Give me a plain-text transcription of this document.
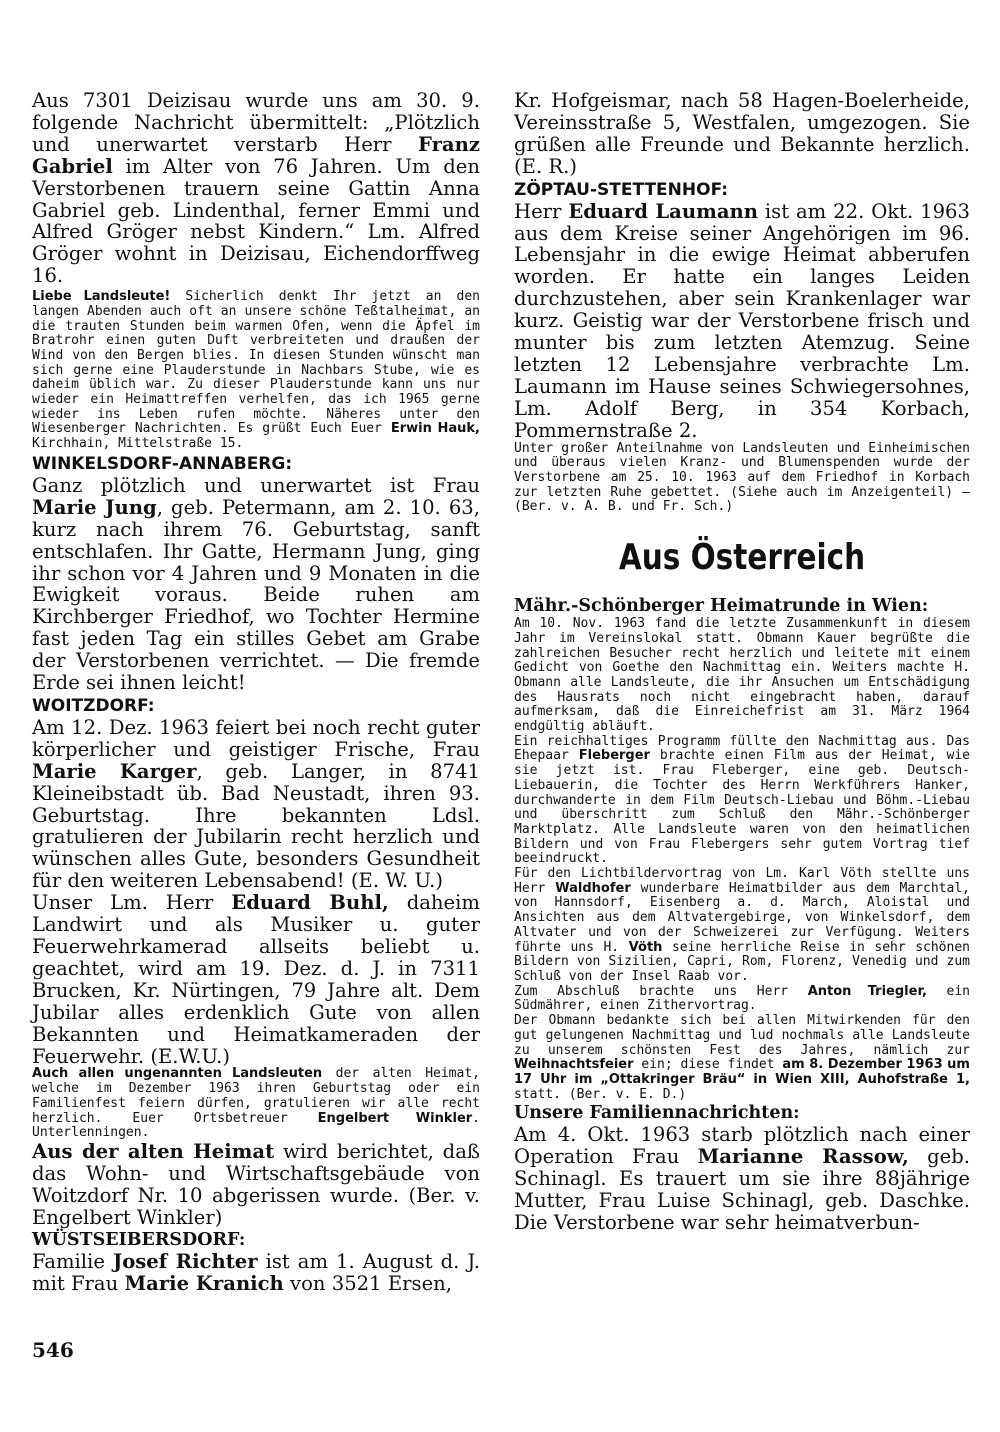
Aus 7301 Deizisau wurde uns am 30. 9. folgende Nachricht übermittelt: „Plötzlich und unerwartet verstarb Herr Franz Gabriel im Alter von 76 Jahren. Um den Verstorbenen trauern seine Gattin Anna Gabriel geb. Lindenthal, ferner Emmi und Alfred Gröger nebst Kindern.“ Lm. Alfred Gröger wohnt in Deizisau, Eichendorffweg 16.

Liebe Landsleute! Sicherlich denkt Ihr jetzt an den langen Abenden auch oft an unsere schöne Teßtalheimat, an die trauten Stunden beim warmen Ofen, wenn die Äpfel im Bratrohr einen guten Duft verbreiteten und draußen der Wind von den Bergen blies. In diesen Stunden wünscht man sich gerne eine Plauderstunde in Nachbars Stube, wie es daheim üblich war. Zu dieser Plauderstunde kann uns nur wieder ein Heimattreffen verhelfen, das ich 1965 gerne wieder ins Leben rufen möchte. Näheres unter den Wiesenberger Nachrichten. Es grüßt Euch Euer Erwin Hauk, Kirchhain, Mittelstraße 15.

WINKELSDORF-ANNABERG:

Ganz plötzlich und unerwartet ist Frau Marie Jung, geb. Petermann, am 2. 10. 63, kurz nach ihrem 76. Geburtstag, sanft entschlafen. Ihr Gatte, Hermann Jung, ging ihr schon vor 4 Jahren und 9 Monaten in die Ewigkeit voraus. Beide ruhen am Kirchberger Friedhof, wo Tochter Hermine fast jeden Tag ein stilles Gebet am Grabe der Verstorbenen verrichtet. — Die fremde Erde sei ihnen leicht!

WOITZDORF:

Am 12. Dez. 1963 feiert bei noch recht guter körperlicher und geistiger Frische, Frau Marie Karger, geb. Langer, in 8741 Kleineibstadt üb. Bad Neustadt, ihren 93. Geburtstag. Ihre bekannten Ldsl. gratulieren der Jubilarin recht herzlich und wünschen alles Gute, besonders Gesundheit für den weiteren Lebensabend! (E. W. U.)

Unser Lm. Herr Eduard Buhl, daheim Landwirt und als Musiker u. guter Feuerwehrkamerad allseits beliebt u. geachtet, wird am 19. Dez. d. J. in 7311 Brucken, Kr. Nürtingen, 79 Jahre alt. Dem Jubilar alles erdenklich Gute von allen Bekannten und Heimatkameraden der Feuerwehr. (E.W.U.)

Auch allen ungenannten Landsleuten der alten Heimat, welche im Dezember 1963 ihren Geburtstag oder ein Familienfest feiern dürfen, gratulieren wir alle recht herzlich. Euer Ortsbetreuer Engelbert Winkler. Unterlenningen.

Aus der alten Heimat wird berichtet, daß das Wohn- und Wirtschaftsgebäude von Woitzdorf Nr. 10 abgerissen wurde. (Ber. v. Engelbert Winkler)

WÜSTSEIBERSDORF:

Familie Josef Richter ist am 1. August d. J. mit Frau Marie Kranich von 3521 Ersen,

Kr. Hofgeismar, nach 58 Hagen-Boelerheide, Vereinsstraße 5, Westfalen, umgezogen. Sie grüßen alle Freunde und Bekannte herzlich. (E. R.)

ZÖPTAU-STETTENHOF:

Herr Eduard Laumann ist am 22. Okt. 1963 aus dem Kreise seiner Angehörigen im 96. Lebensjahr in die ewige Heimat abberufen worden. Er hatte ein langes Leiden durchzustehen, aber sein Krankenlager war kurz. Geistig war der Verstorbene frisch und munter bis zum letzten Atemzug. Seine letzten 12 Lebensjahre verbrachte Lm. Laumann im Hause seines Schwiegersohnes, Lm. Adolf Berg, in 354 Korbach, Pommernstraße 2.

Unter großer Anteilnahme von Landsleuten und Einheimischen und überaus vielen Kranz- und Blumenspenden wurde der Verstorbene am 25. 10. 1963 auf dem Friedhof in Korbach zur letzten Ruhe gebettet. (Siehe auch im Anzeigenteil) — (Ber. v. A. B. und Fr. Sch.)

Aus Österreich
Mähr.-Schönberger Heimatrunde in Wien:

Am 10. Nov. 1963 fand die letzte Zusammenkunft in diesem Jahr im Vereinslokal statt. Obmann Kauer begrüßte die zahlreichen Besucher recht herzlich und leitete mit einem Gedicht von Goethe den Nachmittag ein. Weiters machte H. Obmann alle Landsleute, die ihr Ansuchen um Entschädigung des Hausrats noch nicht eingebracht haben, darauf aufmerksam, daß die Einreichefrist am 31. März 1964 endgültig abläuft.

Ein reichhaltiges Programm füllte den Nachmittag aus. Das Ehepaar Fleberger brachte einen Film aus der Heimat, wie sie jetzt ist. Frau Fleberger, eine geb. Deutsch-Liebauerin, die Tochter des Herrn Werkführers Hanker, durchwanderte in dem Film Deutsch-Liebau und Böhm.-Liebau und überschritt zum Schluß den Mähr.-Schönberger Marktplatz. Alle Landsleute waren von den heimatlichen Bildern und von Frau Flebergers sehr gutem Vortrag tief beeindruckt.

Für den Lichtbildervortrag von Lm. Karl Vöth stellte uns Herr Waldhofer wunderbare Heimatbilder aus dem Marchtal, von Hannsdorf, Eisenberg a. d. March, Aloistal und Ansichten aus dem Altvatergebirge, von Winkelsdorf, dem Altvater und von der Schweizerei zur Verfügung. Weiters führte uns H. Vöth seine herrliche Reise in sehr schönen Bildern von Sizilien, Capri, Rom, Florenz, Venedig und zum Schluß von der Insel Raab vor.

Zum Abschluß brachte uns Herr Anton Triegler, ein Südmährer, einen Zithervortrag.

Der Obmann bedankte sich bei allen Mitwirkenden für den gut gelungenen Nachmittag und lud nochmals alle Landsleute zu unserem schönsten Fest des Jahres, nämlich zur Weihnachtsfeier ein; diese findet am 8. Dezember 1963 um 17 Uhr im „Ottakringer Bräu“ in Wien XIII, Auhofstraße 1, statt. (Ber. v. E. D.)

Unsere Familiennachrichten:

Am 4. Okt. 1963 starb plötzlich nach einer Operation Frau Marianne Rassow, geb. Schinagl. Es trauert um sie ihre 88jährige Mutter, Frau Luise Schinagl, geb. Daschke. Die Verstorbene war sehr heimatverbun-

546
